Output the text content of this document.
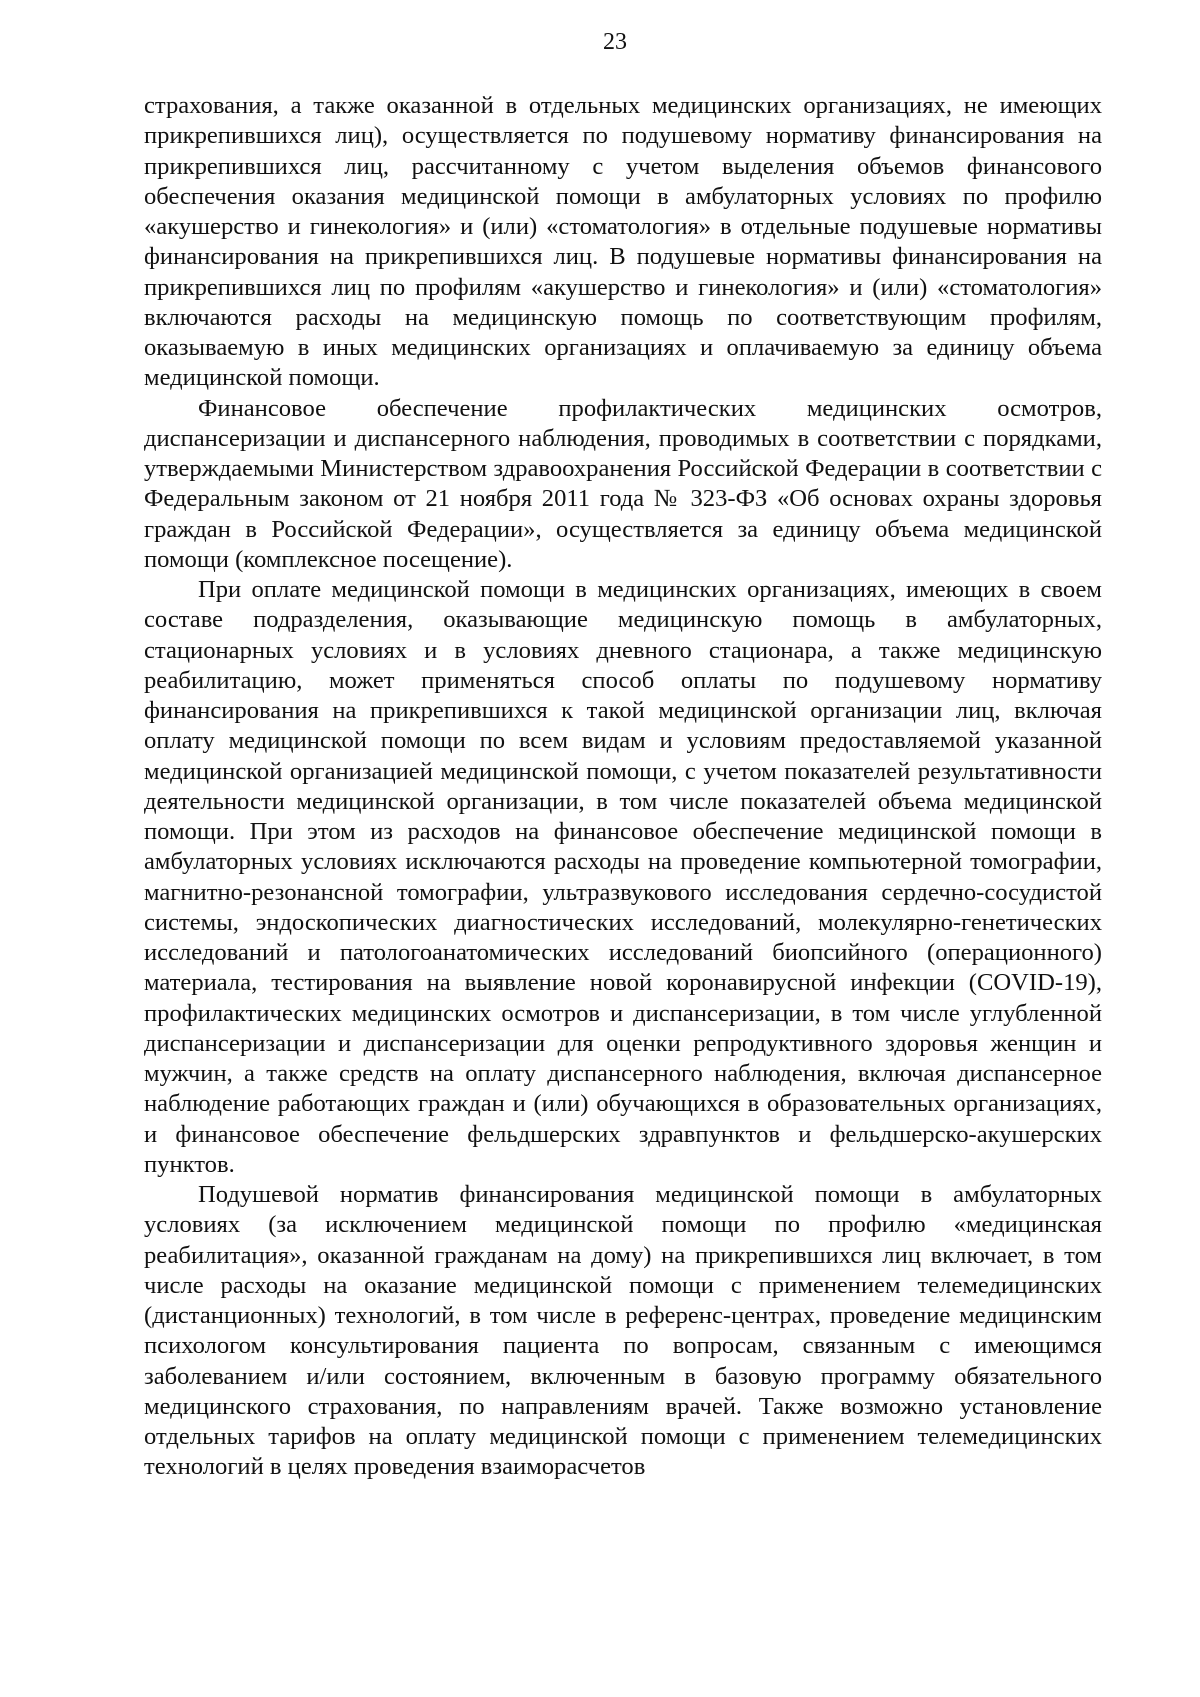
23

страхования, а также оказанной в отдельных медицинских организациях, не имеющих прикрепившихся лиц), осуществляется по подушевому нормативу финансирования на прикрепившихся лиц, рассчитанному с учетом выделения объемов финансового обеспечения оказания медицинской помощи в амбулаторных условиях по профилю «акушерство и гинекология» и (или) «стоматология» в отдельные подушевые нормативы финансирования на прикрепившихся лиц. В подушевые нормативы финансирования на прикрепившихся лиц по профилям «акушерство и гинекология» и (или) «стоматология» включаются расходы на медицинскую помощь по соответствующим профилям, оказываемую в иных медицинских организациях и оплачиваемую за единицу объема медицинской помощи.

Финансовое обеспечение профилактических медицинских осмотров, диспансеризации и диспансерного наблюдения, проводимых в соответствии с порядками, утверждаемыми Министерством здравоохранения Российской Федерации в соответствии с Федеральным законом от 21 ноября 2011 года № 323-ФЗ «Об основах охраны здоровья граждан в Российской Федерации», осуществляется за единицу объема медицинской помощи (комплексное посещение).

При оплате медицинской помощи в медицинских организациях, имеющих в своем составе подразделения, оказывающие медицинскую помощь в амбулаторных, стационарных условиях и в условиях дневного стационара, а также медицинскую реабилитацию, может применяться способ оплаты по подушевому нормативу финансирования на прикрепившихся к такой медицинской организации лиц, включая оплату медицинской помощи по всем видам и условиям предоставляемой указанной медицинской организацией медицинской помощи, с учетом показателей результативности деятельности медицинской организации, в том числе показателей объема медицинской помощи. При этом из расходов на финансовое обеспечение медицинской помощи в амбулаторных условиях исключаются расходы на проведение компьютерной томографии, магнитно-резонансной томографии, ультразвукового исследования сердечно-сосудистой системы, эндоскопических диагностических исследований, молекулярно-генетических исследований и патологоанатомических исследований биопсийного (операционного) материала, тестирования на выявление новой коронавирусной инфекции (COVID-19), профилактических медицинских осмотров и диспансеризации, в том числе углубленной диспансеризации и диспансеризации для оценки репродуктивного здоровья женщин и мужчин, а также средств на оплату диспансерного наблюдения, включая диспансерное наблюдение работающих граждан и (или) обучающихся в образовательных организациях, и финансовое обеспечение фельдшерских здравпунктов и фельдшерско-акушерских пунктов.

Подушевой норматив финансирования медицинской помощи в амбулаторных условиях (за исключением медицинской помощи по профилю «медицинская реабилитация», оказанной гражданам на дому) на прикрепившихся лиц включает, в том числе расходы на оказание медицинской помощи с применением телемедицинских (дистанционных) технологий, в том числе в референс-центрах, проведение медицинским психологом консультирования пациента по вопросам, связанным с имеющимся заболеванием и/или состоянием, включенным в базовую программу обязательного медицинского страхования, по направлениям врачей. Также возможно установление отдельных тарифов на оплату медицинской помощи с применением телемедицинских технологий в целях проведения взаиморасчетов
